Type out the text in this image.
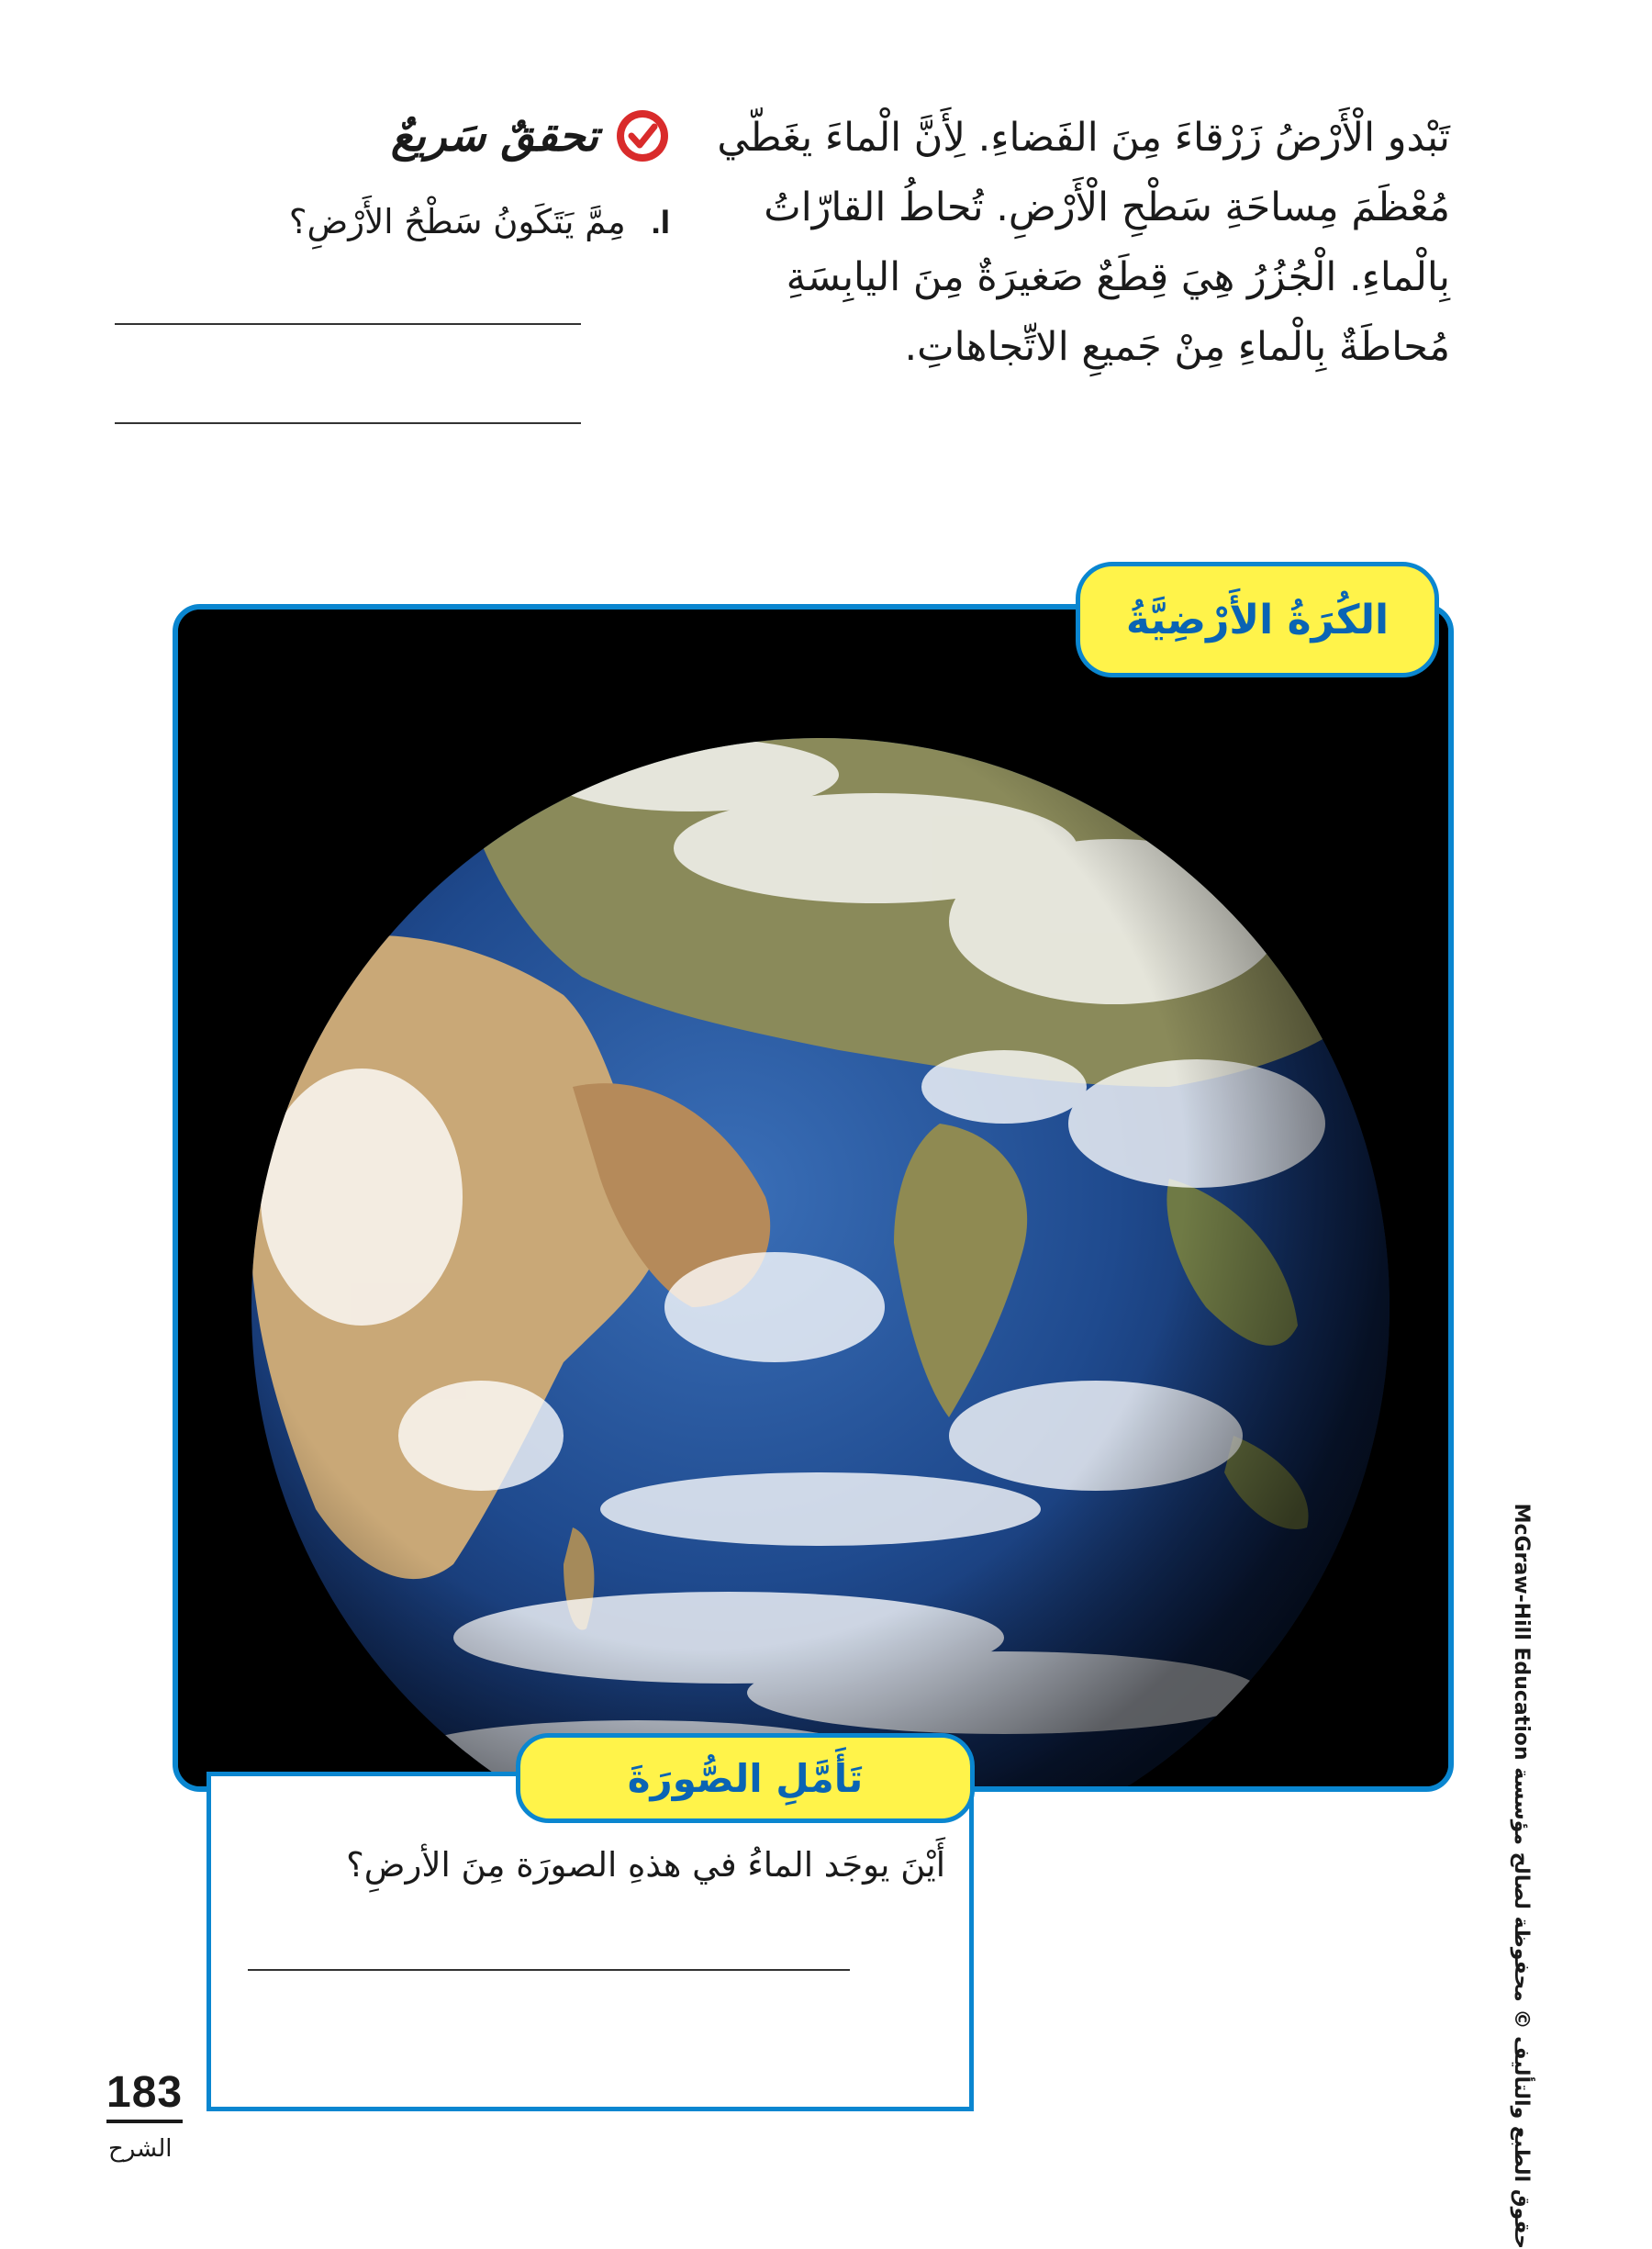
تَبْدو الْأَرْضُ زَرْقاءَ مِنَ الفَضاءِ. لِأَنَّ الْماءَ يغَطّي مُعْظَمَ مِساحَةِ سَطْحِ الْأَرْضِ. تُحاطُ القارّاتُ بِالْماءِ. الْجُزُرُ هِيَ قِطَعٌ صَغيرَةٌ مِنَ اليابِسَةِ مُحاطَةٌ بِالْماءِ مِنْ جَميعِ الاتِّجاهاتِ.
تحققٌ سَريعٌ
I. مِمَّ يَتَكَونُ سَطْحُ الأَرْضِ؟
الكُرَةُ الأَرْضِيَّةُ
تَأَمَّلِ الصُّورَةَ
أَيْنَ يوجَد الماءُ في هذهِ الصورَة مِنَ الأرضِ؟
183
الشرح
حقوق الطبع والتأليف © محفوظة لصالح مؤسسة McGraw-Hill Education
